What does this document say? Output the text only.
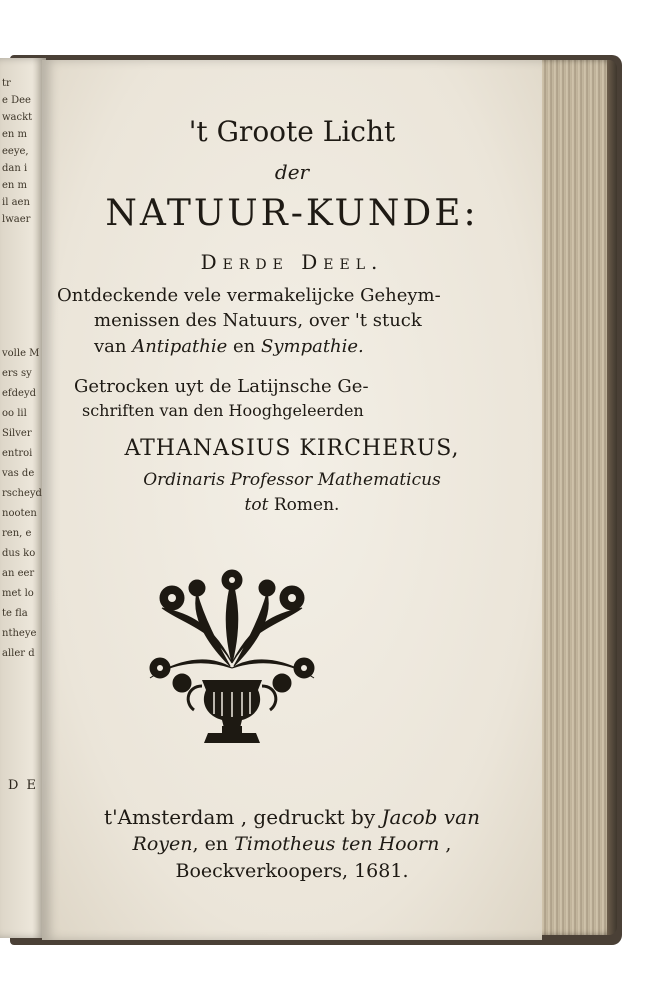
D E
tr
e Dee
wackt
en m
eeye,
dan i
en m
il aen
lwaer
volle M
ers sy
efdeyd
oo lil
Silver
entroi
vas de
rscheyd
nooten
ren, e
dus ko
an eer
met lo
te fla
ntheye
aller d
't Groote Licht
der
NATUUR-KUNDE:
Derde Deel.
Ontdeckende vele vermakelijcke Geheym-
menissen des Natuurs, over 't stuck
van Antipathie en Sympathie.
Getrocken uyt de Latijnsche Ge-
schriften van den Hooghgeleerden
ATHANASIUS KIRCHERUS,
Ordinaris Professor Mathematicus
tot Romen.
t'Amsterdam , gedruckt by Jacob van
Royen, en Timotheus ten Hoorn ,
Boeckverkoopers, 1681.
